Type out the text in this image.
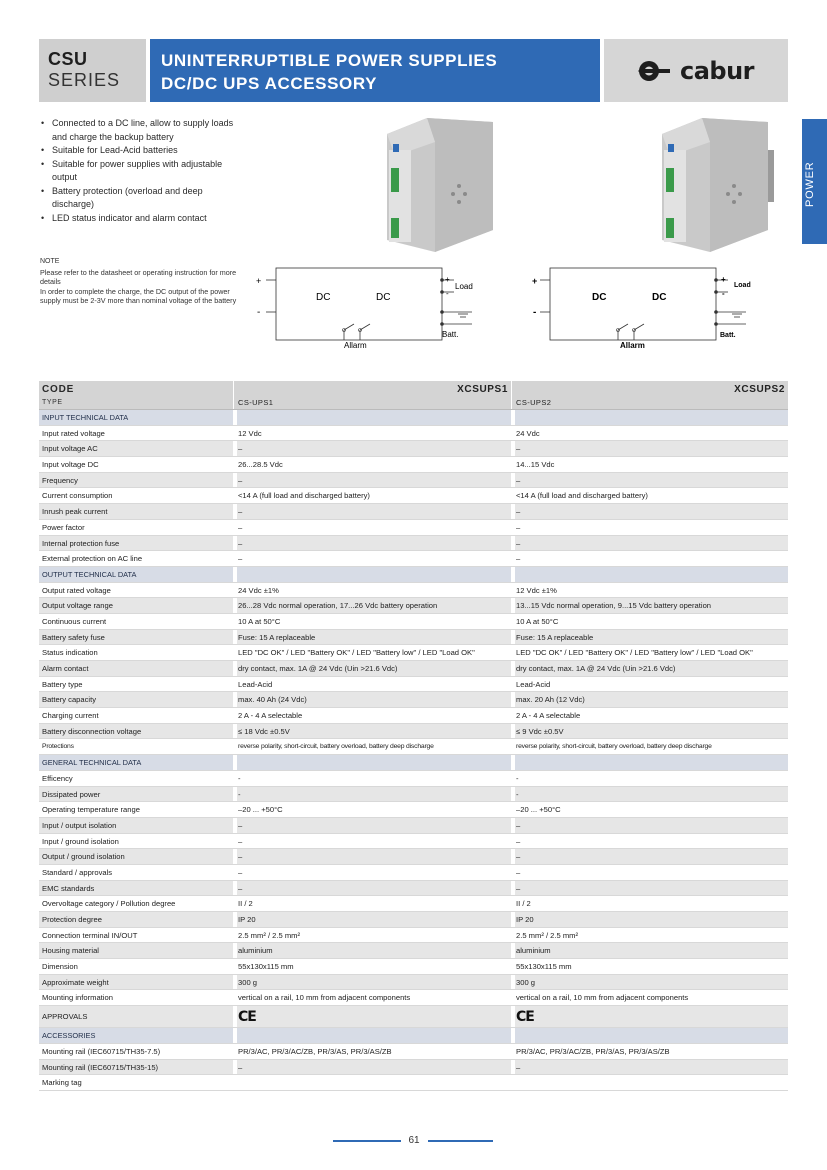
CSU
SERIES
UNINTERRUPTIBLE POWER SUPPLIES
DC/DC UPS ACCESSORY	cabur
POWER
• Connected to a DC line, allow to supply loads and charge the backup battery
• Suitable for Lead-Acid batteries
• Suitable for power supplies with adjustable output
• Battery protection (overload and deep discharge)
• LED status indicator and alarm contact
NOTE
Please refer to the datasheet or operating instruction for more details
In order to complete the charge, the DC output of the power supply must be 2-3V more than nominal voltage of the battery
+
-
DC	DC
+
-
Load
Batt.
Allarm
+
-
DC	DC
+
-
Load
Batt.
Allarm
CODE
TYPE
XCSUPS1	XCSUPS2
CS-UPS1	CS-UPS2
INPUT TECHNICAL DATA
Input rated voltage	12 Vdc	24 Vdc
Input voltage AC	–	–
Input voltage DC	26...28.5 Vdc	14...15 Vdc
Frequency	–	–
Current consumption	<14 A (full load and discharged battery)	<14 A (full load and discharged battery)
Inrush peak current	–	–
Power factor	–	–
Internal protection fuse	–	–
External protection on AC line	–	–
OUTPUT TECHNICAL DATA
Output rated voltage	24 Vdc ±1%	12 Vdc ±1%
Output voltage range	26...28 Vdc normal operation, 17...26 Vdc battery operation	13...15 Vdc normal operation, 9...15 Vdc battery operation
Continuous current	10 A at 50°C	10 A at 50°C
Battery safety fuse	Fuse: 15 A replaceable	Fuse: 15 A replaceable
Status indication	LED "DC OK" / LED "Battery OK" / LED "Battery low" / LED "Load OK"	LED "DC OK" / LED "Battery OK" / LED "Battery low" / LED "Load OK"
Alarm contact	dry contact, max. 1A @ 24 Vdc (Uin >21.6 Vdc)	dry contact, max. 1A @ 24 Vdc (Uin >21.6 Vdc)
Battery type	Lead-Acid	Lead-Acid
Battery capacity	max. 40 Ah (24 Vdc)	max. 20 Ah (12 Vdc)
Charging current	2 A - 4 A selectable	2 A - 4 A selectable
Battery disconnection voltage	≤ 18 Vdc ±0.5V	≤ 9 Vdc ±0.5V
Protections	reverse polarity, short-circuit, battery overload, battery deep discharge	reverse polarity, short-circuit, battery overload, battery deep discharge
GENERAL TECHNICAL DATA
Efficency	-	-
Dissipated power	-	-
Operating temperature range	–20 ... +50°C	–20 ... +50°C
Input / output isolation	–	–
Input / ground isolation	–	–
Output / ground isolation	–	–
Standard / approvals	–	–
EMC standards	–	–
Overvoltage category / Pollution degree	II / 2	II / 2
Protection degree	IP 20	IP 20
Connection terminal IN/OUT	2.5 mm² / 2.5 mm²	2.5 mm² / 2.5 mm²
Housing material	aluminium	aluminium
Dimension	55x130x115 mm	55x130x115 mm
Approximate weight	300 g	300 g
Mounting information	vertical on a rail, 10 mm from adjacent components	vertical on a rail, 10 mm from adjacent components
APPROVALS	CE	CE
ACCESSORIES
Mounting rail (IEC60715/TH35-7.5)	PR/3/AC, PR/3/AC/ZB, PR/3/AS, PR/3/AS/ZB	PR/3/AC, PR/3/AC/ZB, PR/3/AS, PR/3/AS/ZB
Mounting rail (IEC60715/TH35-15)	–	–
Marking tag
61
